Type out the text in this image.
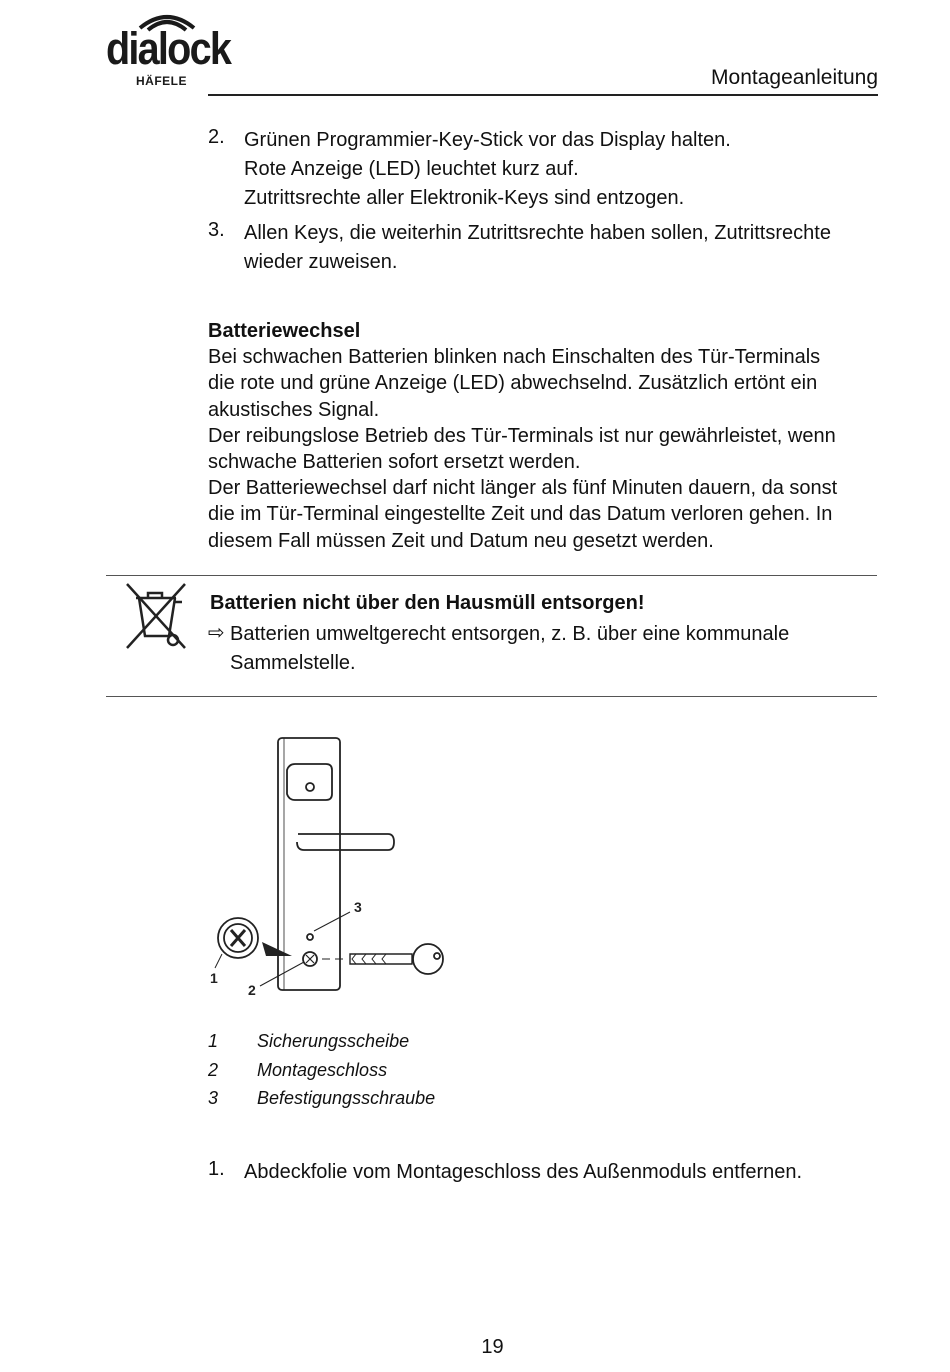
dialock
HÄFELE	Montageanleitung
2. Grünen Programmier-Key-Stick vor das Display halten.
Rote Anzeige (LED) leuchtet kurz auf.
Zutrittsrechte aller Elektronik-Keys sind entzogen.
3. Allen Keys, die weiterhin Zutrittsrechte haben sollen, Zutrittsrechte
wieder zuweisen.
Batteriewechsel
Bei schwachen Batterien blinken nach Einschalten des Tür-Terminals
die rote und grüne Anzeige (LED) abwechselnd. Zusätzlich ertönt ein
akustisches Signal.
Der reibungslose Betrieb des Tür-Terminals ist nur gewährleistet, wenn
schwache Batterien sofort ersetzt werden.
Der Batteriewechsel darf nicht länger als fünf Minuten dauern, da sonst
die im Tür-Terminal eingestellte Zeit und das Datum verloren gehen. In
diesem Fall müssen Zeit und Datum neu gesetzt werden.
Batterien nicht über den Hausmüll entsorgen!
⇨ Batterien umweltgerecht entsorgen, z. B. über eine kommunale
Sammelstelle.
1
2
3
1 Sicherungsscheibe
2 Montageschloss
3 Befestigungsschraube
1. Abdeckfolie vom Montageschloss des Außenmoduls entfernen.
19
